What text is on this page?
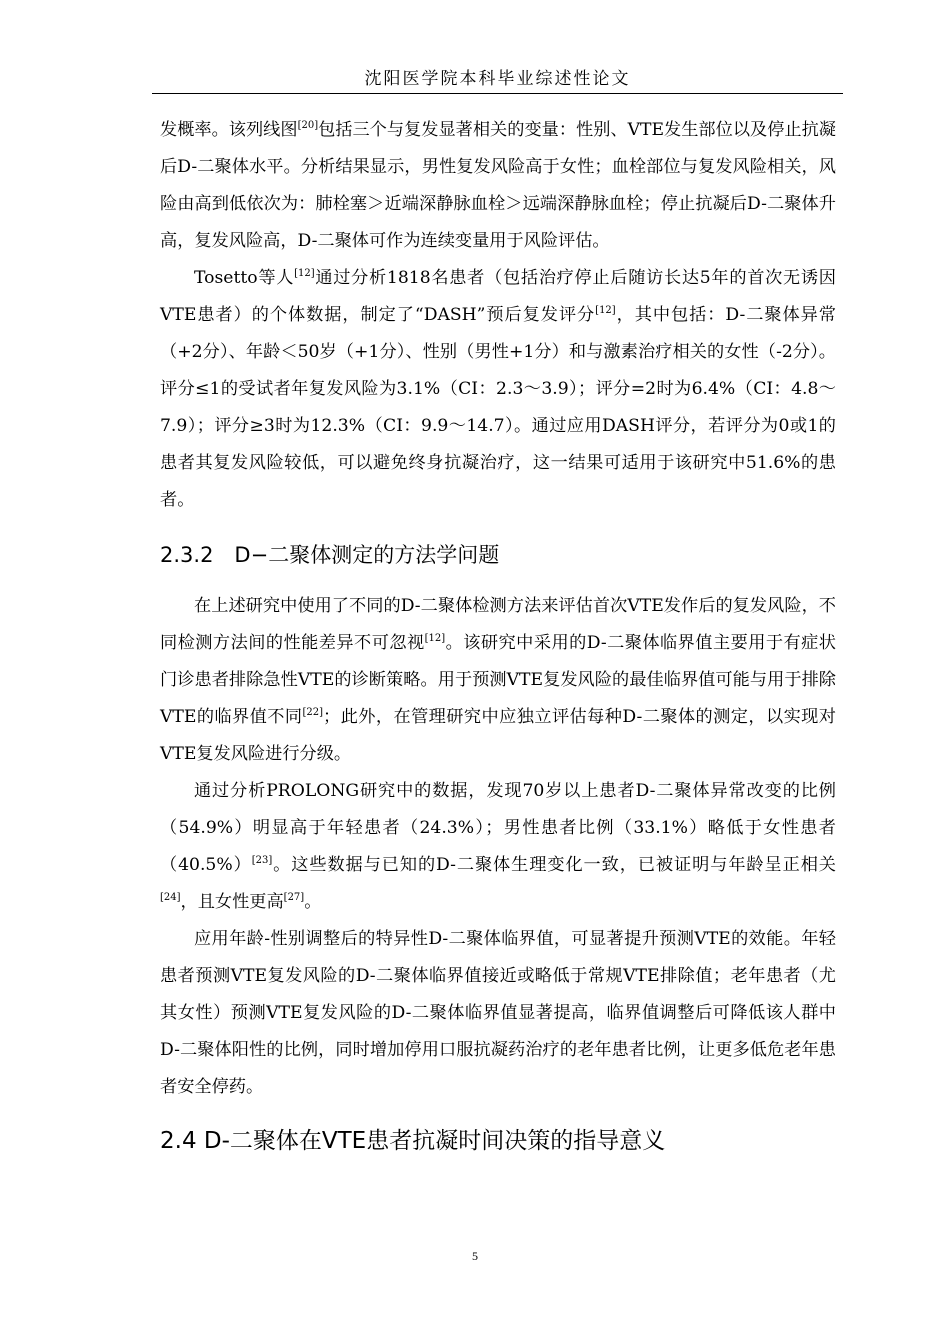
沈阳医学院本科毕业综述性论文

发概率。该列线图[20]包括三个与复发显著相关的变量：性别、VTE发生部位以及停止抗凝后D-二聚体水平。分析结果显示，男性复发风险高于女性；血栓部位与复发风险相关，风险由高到低依次为：肺栓塞＞近端深静脉血栓＞远端深静脉血栓；停止抗凝后D-二聚体升高，复发风险高，D-二聚体可作为连续变量用于风险评估。

Tosetto等人[12]通过分析1818名患者（包括治疗停止后随访长达5年的首次无诱因VTE患者）的个体数据，制定了“DASH”预后复发评分[12]，其中包括：D-二聚体异常（+2分）、年龄＜50岁（+1分）、性别（男性+1分）和与激素治疗相关的女性（-2分）。评分≤1的受试者年复发风险为3.1%（CI：2.3～3.9）；评分=2时为6.4%（CI：4.8～7.9）；评分≥3时为12.3%（CI：9.9～14.7）。通过应用DASH评分，若评分为0或1的患者其复发风险较低，可以避免终身抗凝治疗，这一结果可适用于该研究中51.6%的患者。

2.3.2　D−二聚体测定的方法学问题

在上述研究中使用了不同的D-二聚体检测方法来评估首次VTE发作后的复发风险，不同检测方法间的性能差异不可忽视[12]。该研究中采用的D-二聚体临界值主要用于有症状门诊患者排除急性VTE的诊断策略。用于预测VTE复发风险的最佳临界值可能与用于排除VTE的临界值不同[22]；此外，在管理研究中应独立评估每种D-二聚体的测定，以实现对VTE复发风险进行分级。

通过分析PROLONG研究中的数据，发现70岁以上患者D-二聚体异常改变的比例（54.9%）明显高于年轻患者（24.3%）；男性患者比例（33.1%）略低于女性患者（40.5%）[23]。这些数据与已知的D-二聚体生理变化一致，已被证明与年龄呈正相关[24]，且女性更高[27]。

应用年龄-性别调整后的特异性D-二聚体临界值，可显著提升预测VTE的效能。年轻患者预测VTE复发风险的D-二聚体临界值接近或略低于常规VTE排除值；老年患者（尤其女性）预测VTE复发风险的D-二聚体临界值显著提高，临界值调整后可降低该人群中D-二聚体阳性的比例，同时增加停用口服抗凝药治疗的老年患者比例，让更多低危老年患者安全停药。

2.4 D-二聚体在VTE患者抗凝时间决策的指导意义
5
